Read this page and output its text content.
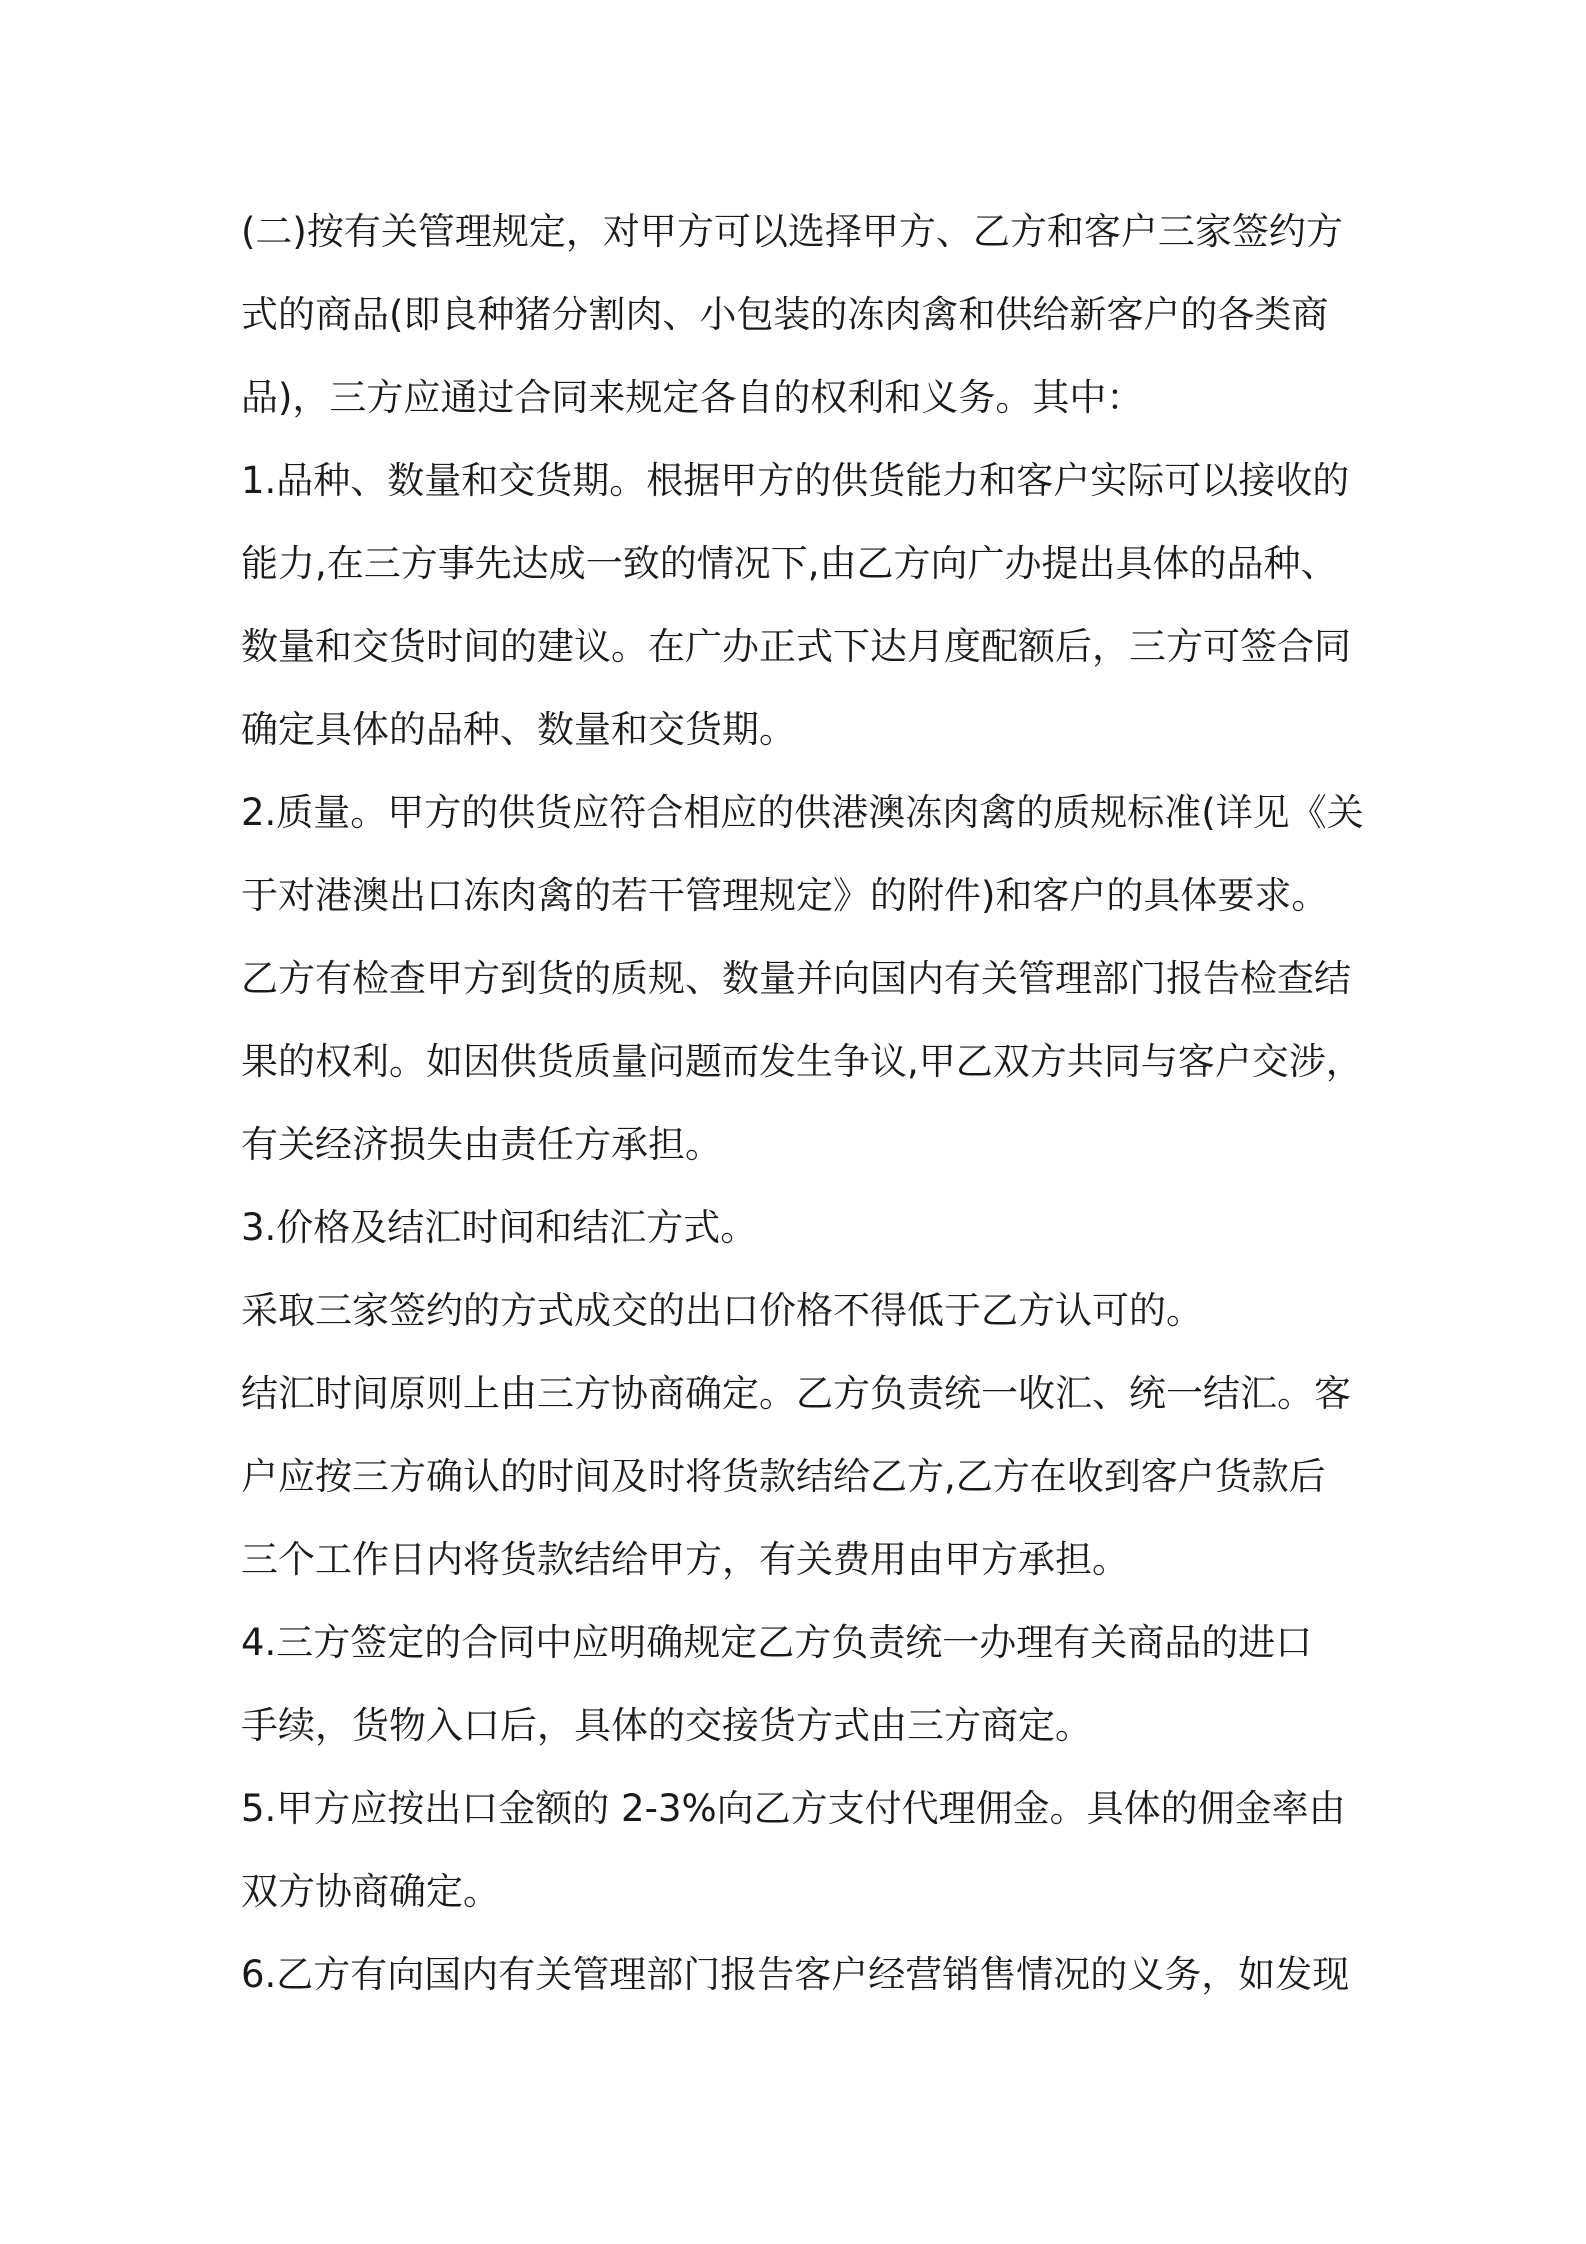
(二)按有关管理规定，对甲方可以选择甲方、乙方和客户三家签约方
式的商品(即良种猪分割肉、小包装的冻肉禽和供给新客户的各类商
品)，三方应通过合同来规定各自的权利和义务。其中：
1.品种、数量和交货期。根据甲方的供货能力和客户实际可以接收的
能力,在三方事先达成一致的情况下,由乙方向广办提出具体的品种、
数量和交货时间的建议。在广办正式下达月度配额后，三方可签合同
确定具体的品种、数量和交货期。
2.质量。甲方的供货应符合相应的供港澳冻肉禽的质规标准(详见《关
于对港澳出口冻肉禽的若干管理规定》的附件)和客户的具体要求。
乙方有检查甲方到货的质规、数量并向国内有关管理部门报告检查结
果的权利。如因供货质量问题而发生争议,甲乙双方共同与客户交涉，
有关经济损失由责任方承担。
3.价格及结汇时间和结汇方式。
采取三家签约的方式成交的出口价格不得低于乙方认可的。
结汇时间原则上由三方协商确定。乙方负责统一收汇、统一结汇。客
户应按三方确认的时间及时将货款结给乙方,乙方在收到客户货款后
三个工作日内将货款结给甲方，有关费用由甲方承担。
4.三方签定的合同中应明确规定乙方负责统一办理有关商品的进口
手续，货物入口后，具体的交接货方式由三方商定。
5.甲方应按出口金额的 2-3%向乙方支付代理佣金。具体的佣金率由
双方协商确定。
6.乙方有向国内有关管理部门报告客户经营销售情况的义务，如发现
